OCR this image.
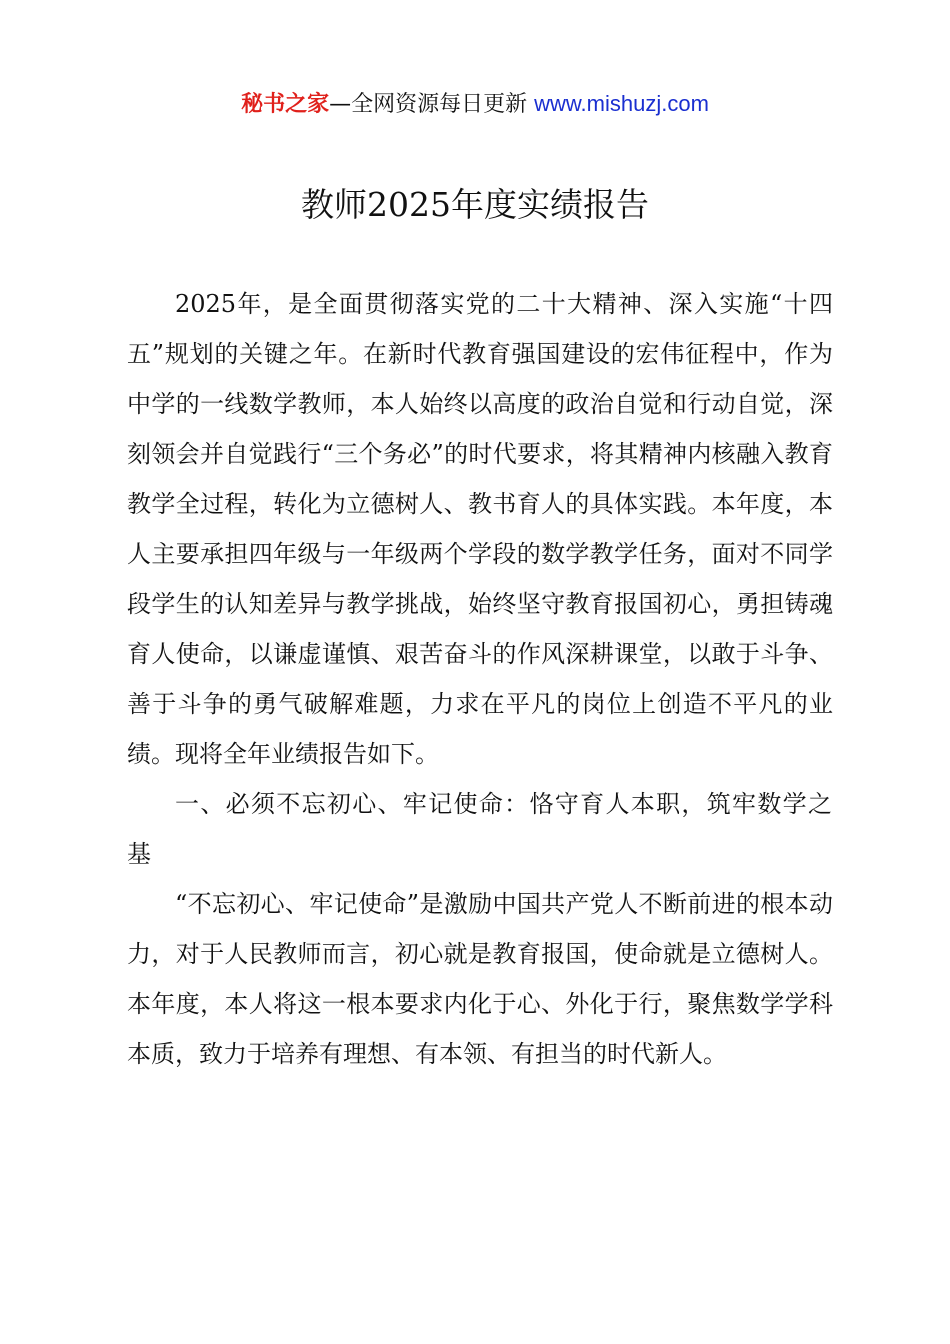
秘书之家—全网资源每日更新 www.mishuzj.com
教师2025年度实绩报告

2025年，是全面贯彻落实党的二十大精神、深入实施“十四五”规划的关键之年。在新时代教育强国建设的宏伟征程中，作为中学的一线数学教师，本人始终以高度的政治自觉和行动自觉，深刻领会并自觉践行“三个务必”的时代要求，将其精神内核融入教育教学全过程，转化为立德树人、教书育人的具体实践。本年度，本人主要承担四年级与一年级两个学段的数学教学任务，面对不同学段学生的认知差异与教学挑战，始终坚守教育报国初心，勇担铸魂育人使命，以谦虚谨慎、艰苦奋斗的作风深耕课堂，以敢于斗争、善于斗争的勇气破解难题，力求在平凡的岗位上创造不平凡的业绩。现将全年业绩报告如下。

一、必须不忘初心、牢记使命：恪守育人本职，筑牢数学之基

“不忘初心、牢记使命”是激励中国共产党人不断前进的根本动力，对于人民教师而言，初心就是教育报国，使命就是立德树人。本年度，本人将这一根本要求内化于心、外化于行，聚焦数学学科本质，致力于培养有理想、有本领、有担当的时代新人。
